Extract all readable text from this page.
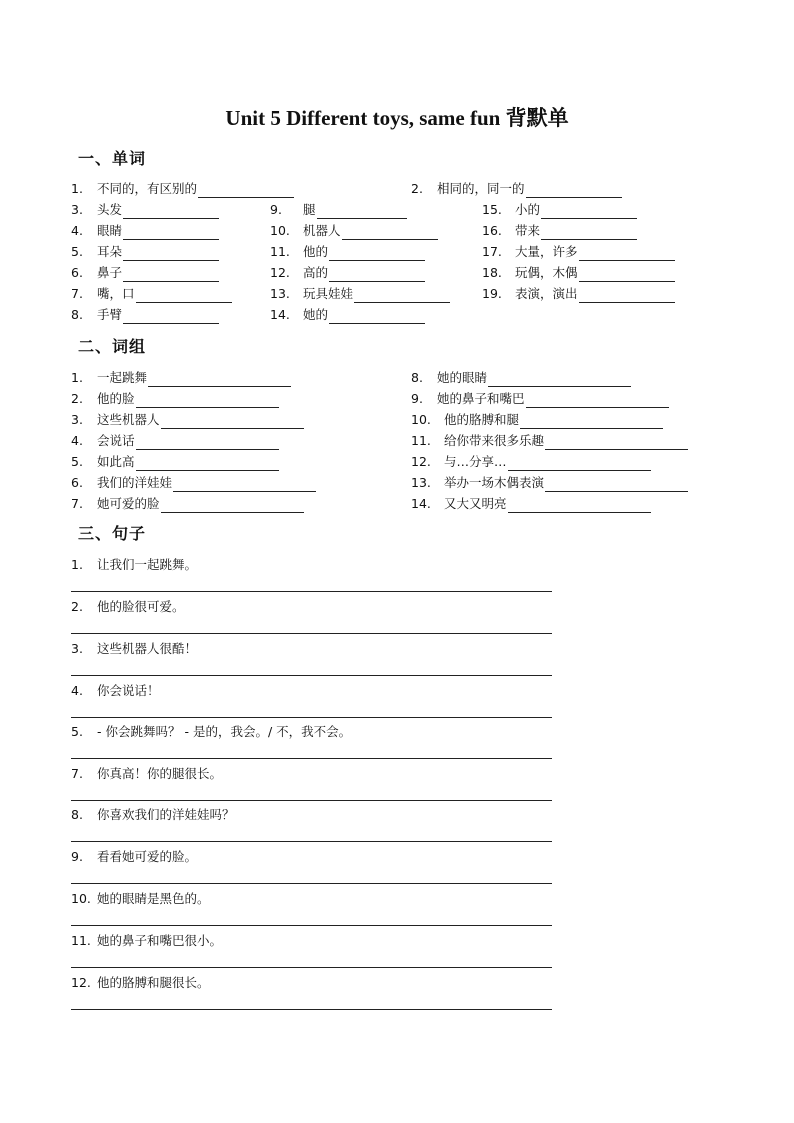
Unit 5 Different toys, same fun 背默单
一、单词
1.	不同的，有区别的	2.	相同的，同一的
3.	头发	9.	腿	15.	小的
4.	眼睛	10.	机器人	16.	带来
5.	耳朵	11.	他的	17.	大量，许多
6.	鼻子	12.	高的	18.	玩偶，木偶
7.	嘴，口	13.	玩具娃娃	19.	表演，演出
8.	手臂	14.	她的
二、词组
1.	一起跳舞	8.	她的眼睛
2.	他的脸	9.	她的鼻子和嘴巴
3.	这些机器人	10.	他的胳膊和腿
4.	会说话	11.	给你带来很多乐趣
5.	如此高	12.	与…分享…
6.	我们的洋娃娃	13.	举办一场木偶表演
7.	她可爱的脸	14.	又大又明亮
三、句子
1. 让我们一起跳舞。
2. 他的脸很可爱。
3. 这些机器人很酷！
4. 你会说话！
5. - 你会跳舞吗？ - 是的，我会。/ 不，我不会。
7. 你真高！你的腿很长。
8. 你喜欢我们的洋娃娃吗？
9. 看看她可爱的脸。
10. 她的眼睛是黑色的。
11. 她的鼻子和嘴巴很小。
12. 他的胳膊和腿很长。
